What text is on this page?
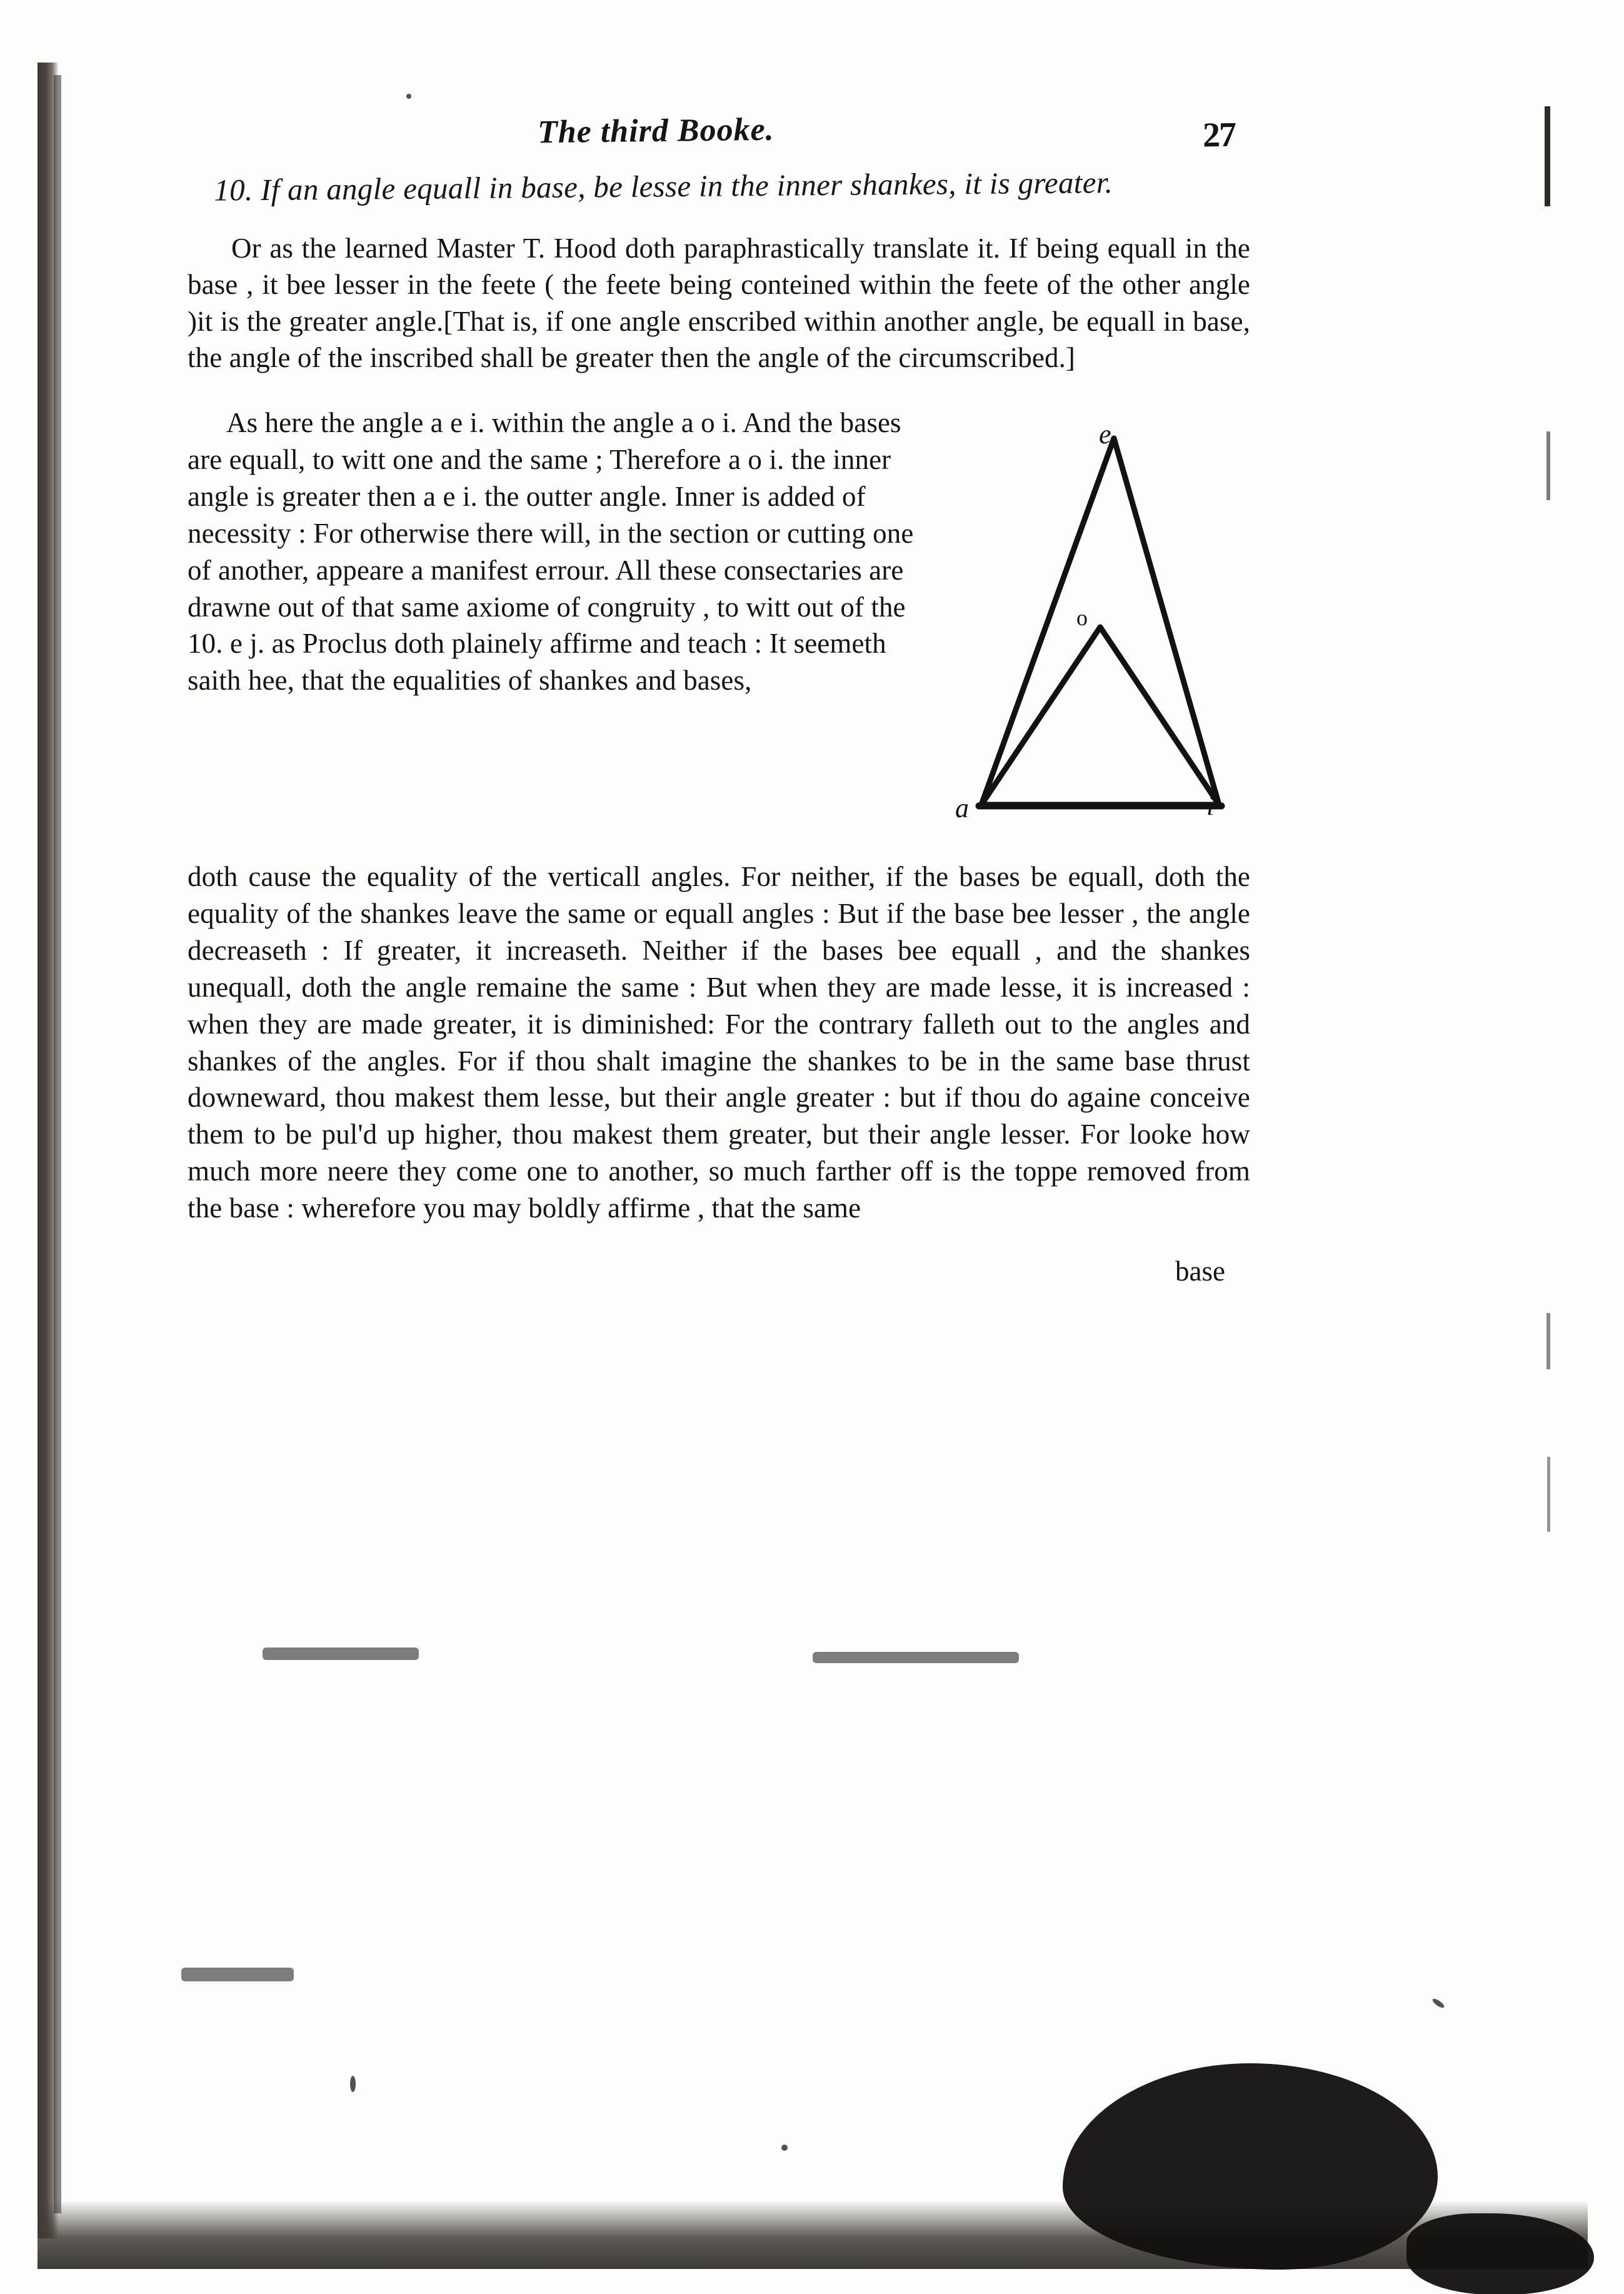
The third Booke.	27
10. If an angle equall in base, be lesse in the inner shankes, it is greater.

Or as the learned Master T. Hood doth paraphrastically translate it. If being equall in the base , it bee lesser in the feete ( the feete being conteined within the feete of the other angle )it is the greater angle.[That is, if one angle enscribed within another angle, be equall in base, the angle of the inscribed shall be greater then the angle of the circumscribed.]

e
o
a	i

As here the angle a e i. within the angle a o i. And the bases are equall, to witt one and the same ; Therefore a o i. the inner angle is greater then a e i. the outter angle. Inner is added of necessity : For otherwise there will, in the section or cutting one of another, appeare a manifest errour. All these consectaries are drawne out of that same axiome of congruity , to witt out of the 10. e j. as Proclus doth plainely affirme and teach : It seemeth saith hee, that the equalities of shankes and bases,

doth cause the equality of the verticall angles. For neither, if the bases be equall, doth the equality of the shankes leave the same or equall angles : But if the base bee lesser , the angle decreaseth : If greater, it increaseth. Neither if the bases bee equall , and the shankes unequall, doth the angle remaine the same : But when they are made lesse, it is increased : when they are made greater, it is diminished: For the contrary falleth out to the angles and shankes of the angles. For if thou shalt imagine the shankes to be in the same base thrust downeward, thou makest them lesse, but their angle greater : but if thou do againe conceive them to be pul'd up higher, thou makest them greater, but their angle lesser. For looke how much more neere they come one to another, so much farther off is the toppe removed from the base : wherefore you may boldly affirme , that the same

base
